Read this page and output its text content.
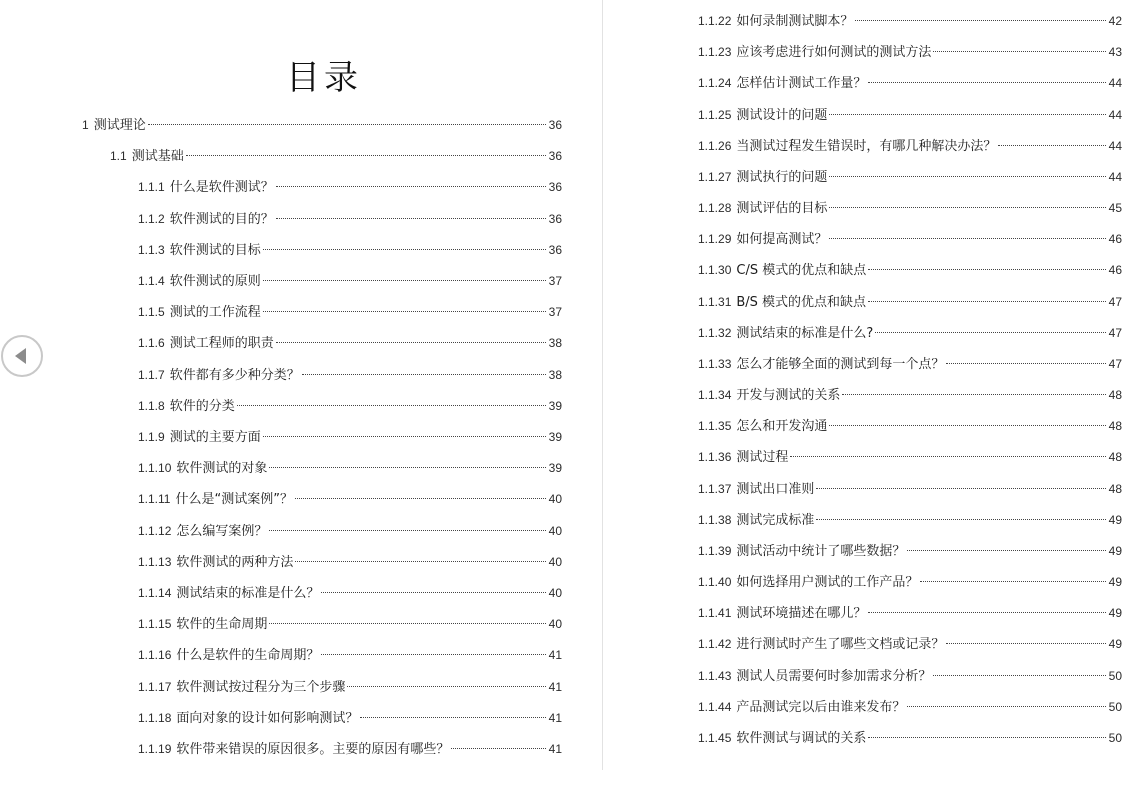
目录
1 测试理论	36
1.1 测试基础	36
1.1.1 什么是软件测试？	36
1.1.2 软件测试的目的？	36
1.1.3 软件测试的目标	36
1.1.4 软件测试的原则	37
1.1.5 测试的工作流程	37
1.1.6 测试工程师的职责	38
1.1.7 软件都有多少种分类？	38
1.1.8 软件的分类	39
1.1.9 测试的主要方面	39
1.1.10 软件测试的对象	39
1.1.11 什么是“测试案例”？	40
1.1.12 怎么编写案例？	40
1.1.13 软件测试的两种方法	40
1.1.14 测试结束的标准是什么？	40
1.1.15 软件的生命周期	40
1.1.16 什么是软件的生命周期？	41
1.1.17 软件测试按过程分为三个步骤	41
1.1.18 面向对象的设计如何影响测试？	41
1.1.19 软件带来错误的原因很多。主要的原因有哪些？	41
1.1.22 如何录制测试脚本？	42
1.1.23 应该考虑进行如何测试的测试方法	43
1.1.24 怎样估计测试工作量？	44
1.1.25 测试设计的问题	44
1.1.26 当测试过程发生错误时，有哪几种解决办法？	44
1.1.27 测试执行的问题	44
1.1.28 测试评估的目标	45
1.1.29 如何提高测试？	46
1.1.30 C/S 模式的优点和缺点	46
1.1.31 B/S 模式的优点和缺点	47
1.1.32 测试结束的标准是什么?	47
1.1.33 怎么才能够全面的测试到每一个点？	47
1.1.34 开发与测试的关系	48
1.1.35 怎么和开发沟通	48
1.1.36 测试过程	48
1.1.37 测试出口准则	48
1.1.38 测试完成标准	49
1.1.39 测试活动中统计了哪些数据？	49
1.1.40 如何选择用户测试的工作产品？	49
1.1.41 测试环境描述在哪儿？	49
1.1.42 进行测试时产生了哪些文档或记录？	49
1.1.43 测试人员需要何时参加需求分析？	50
1.1.44 产品测试完以后由谁来发布？	50
1.1.45 软件测试与调试的关系	50
